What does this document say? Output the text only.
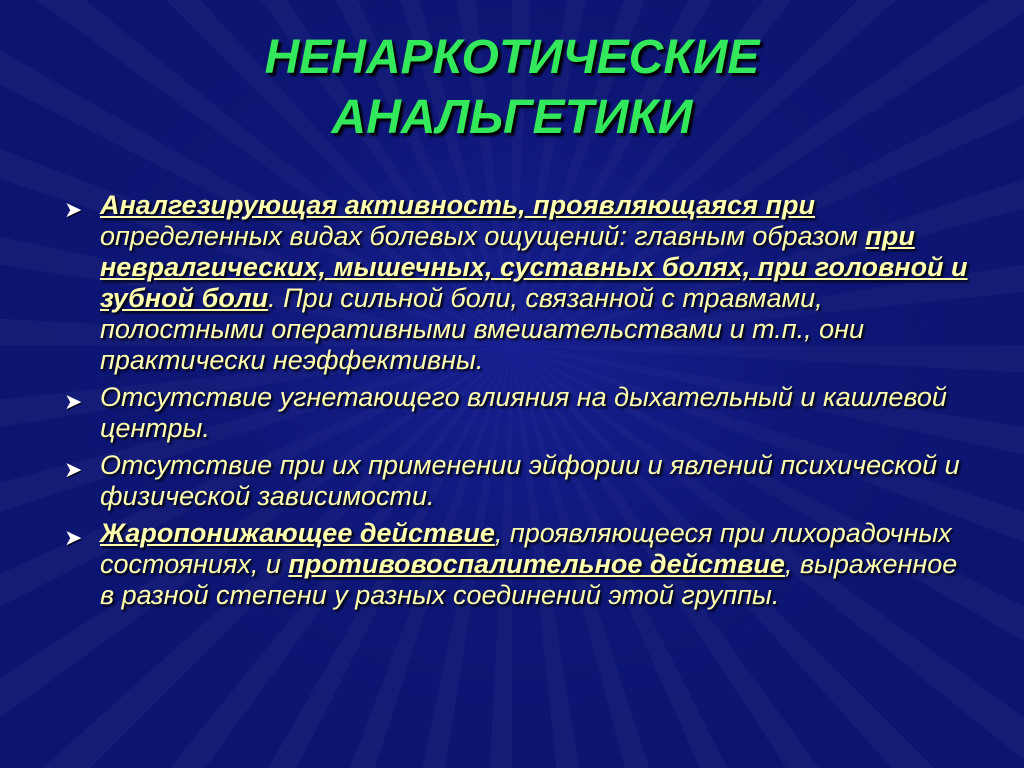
НЕНАРКОТИЧЕСКИЕ
АНАЛЬГЕТИКИ
➤ Аналгезирующая активность, проявляющаяся при определенных видах болевых ощущений: главным образом при невралгических, мышечных, суставных болях, при головной и зубной боли. При сильной боли, связанной с травмами, полостными оперативными вмешательствами и т.п., они практически неэффективны.
➤ Отсутствие угнетающего влияния на дыхательный и кашлевой центры.
➤ Отсутствие при их применении эйфории и явлений психической и физической зависимости.
➤ Жаропонижающее действие, проявляющееся при лихорадочных состояниях, и противовоспалительное действие, выраженное в разной степени у разных соединений этой группы.
